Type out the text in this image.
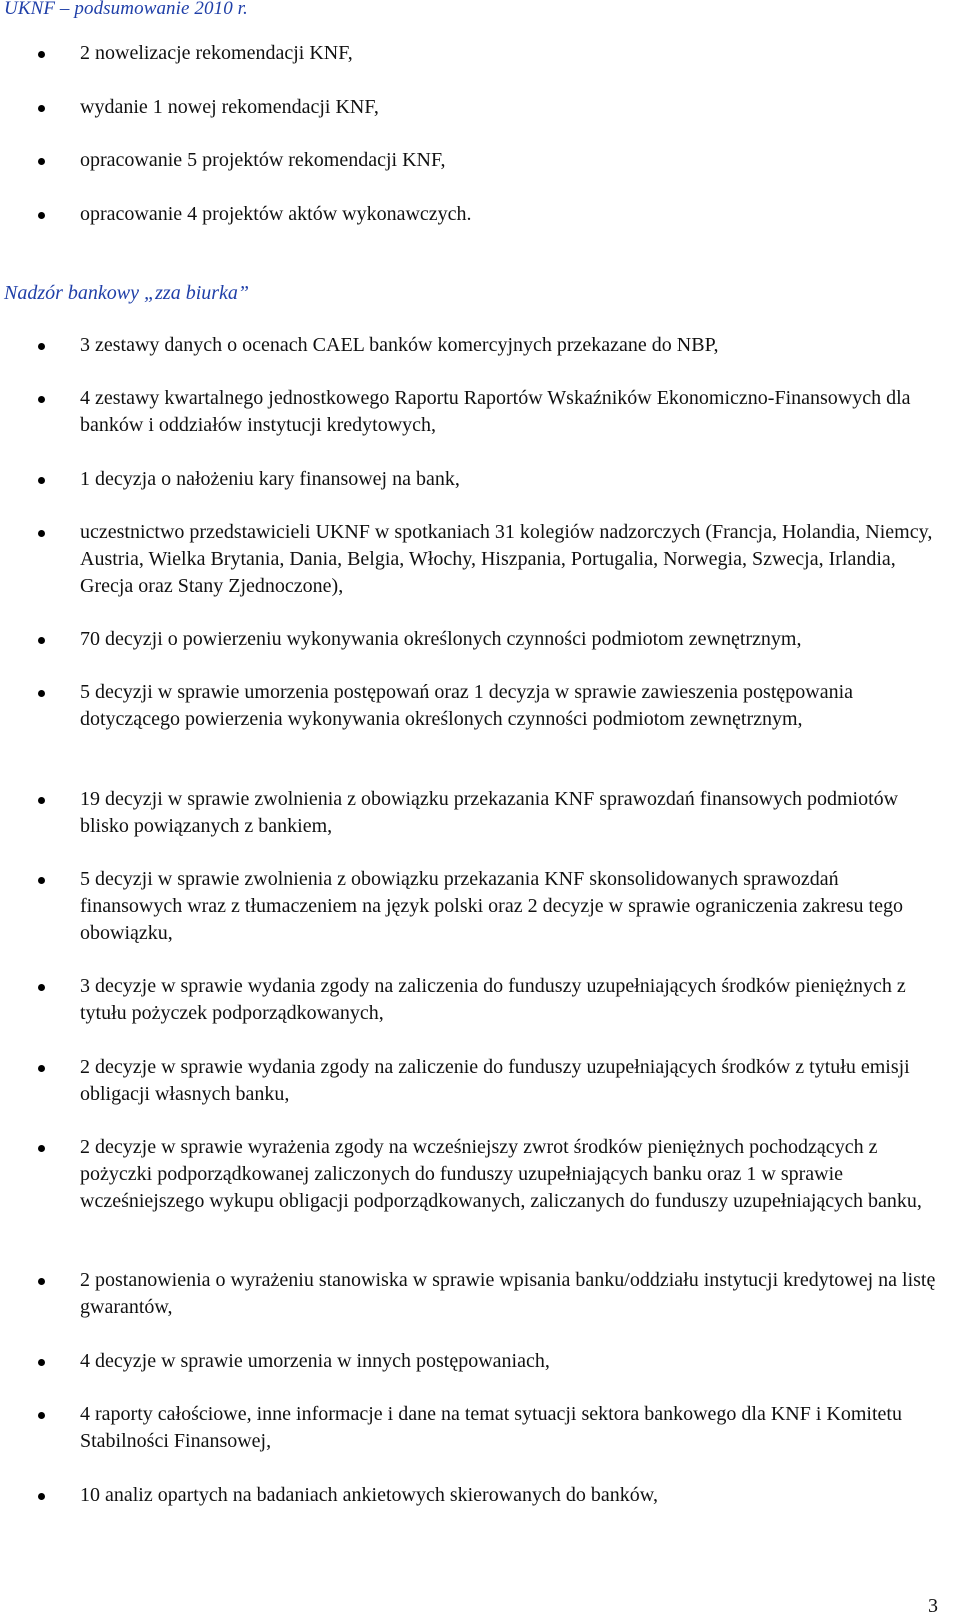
UKNF – podsumowanie 2010 r.
2 nowelizacje rekomendacji KNF,
wydanie 1 nowej rekomendacji KNF,
opracowanie 5 projektów rekomendacji KNF,
opracowanie 4 projektów aktów wykonawczych.
Nadzór bankowy „zza biurka”
3 zestawy danych o ocenach CAEL banków komercyjnych przekazane do NBP,
4 zestawy kwartalnego jednostkowego Raportu Raportów Wskaźników Ekonomiczno-Finansowych dla banków i oddziałów instytucji kredytowych,
1 decyzja o nałożeniu kary finansowej na bank,
uczestnictwo przedstawicieli UKNF w spotkaniach 31 kolegiów nadzorczych (Francja, Holandia, Niemcy, Austria, Wielka Brytania, Dania, Belgia, Włochy, Hiszpania, Portugalia, Norwegia, Szwecja, Irlandia, Grecja oraz Stany Zjednoczone),
70 decyzji o powierzeniu wykonywania określonych czynności podmiotom zewnętrznym,
5 decyzji w sprawie umorzenia postępowań oraz 1 decyzja w sprawie zawieszenia postępowania dotyczącego powierzenia wykonywania określonych czynności podmiotom zewnętrznym,
19 decyzji w sprawie zwolnienia z obowiązku przekazania KNF sprawozdań finansowych podmiotów blisko powiązanych z bankiem,
5 decyzji w sprawie zwolnienia z obowiązku przekazania KNF skonsolidowanych sprawozdań finansowych wraz z tłumaczeniem na język polski oraz 2 decyzje w sprawie ograniczenia zakresu tego obowiązku,
3 decyzje w sprawie wydania zgody na zaliczenia do funduszy uzupełniających środków pieniężnych z tytułu pożyczek podporządkowanych,
2 decyzje w sprawie wydania zgody na zaliczenie do funduszy uzupełniających środków z tytułu emisji obligacji własnych banku,
2 decyzje w sprawie wyrażenia zgody na wcześniejszy zwrot środków pieniężnych pochodzących z pożyczki podporządkowanej zaliczonych do funduszy uzupełniających banku oraz 1 w sprawie wcześniejszego wykupu obligacji podporządkowanych, zaliczanych do funduszy uzupełniających banku,
2 postanowienia o wyrażeniu stanowiska w sprawie wpisania banku/oddziału instytucji kredytowej na listę gwarantów,
4 decyzje w sprawie umorzenia w innych postępowaniach,
4 raporty całościowe, inne informacje i dane na temat sytuacji sektora bankowego dla KNF i Komitetu Stabilności Finansowej,
10 analiz opartych na badaniach ankietowych skierowanych do banków,
3
